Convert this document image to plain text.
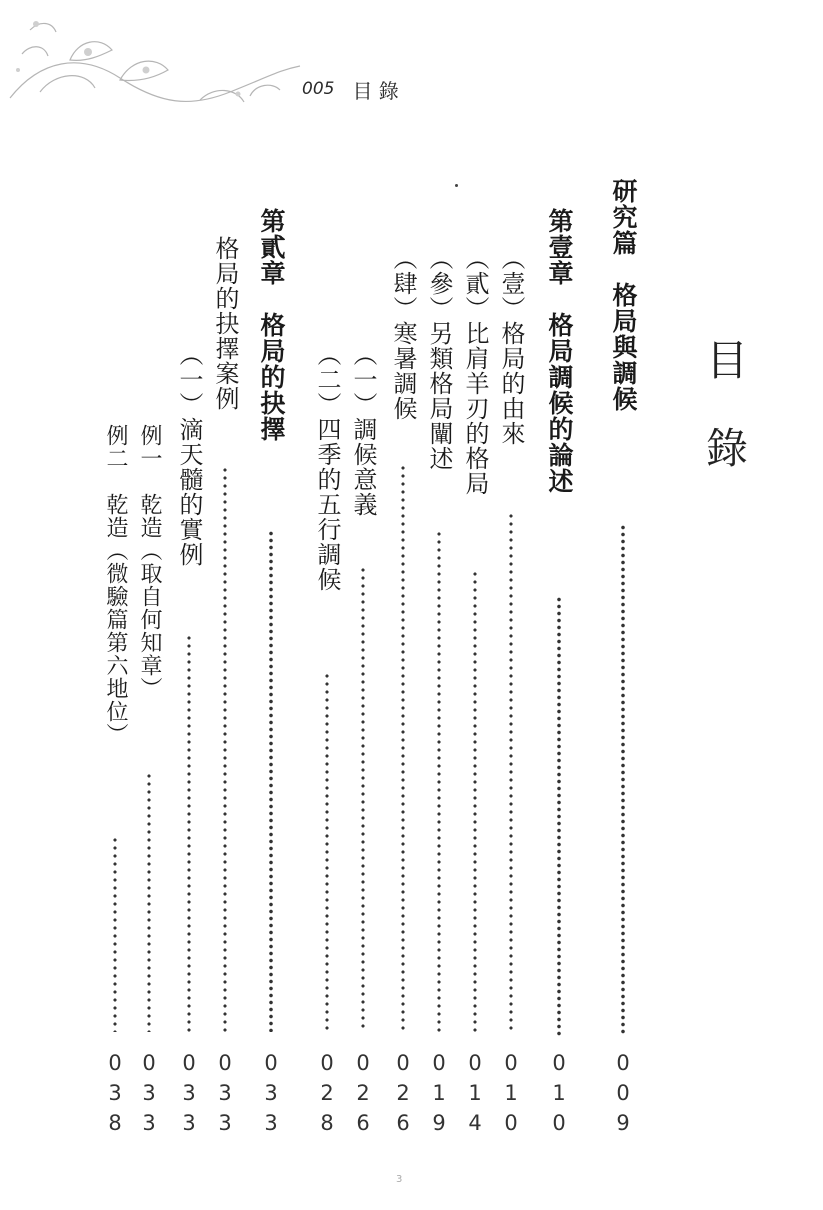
005 目 錄
目錄
研究篇　格局與調候
0
0
9
第壹章　格局調候的論述
0
1
0
（壹）格局的由來
0
1
0
（貳）比肩羊刃的格局
0
1
4
（參）另類格局闡述
0
1
9
（肆）寒暑調候
0
2
6
（一）調候意義
0
2
6
（二）四季的五行調候
0
2
8
第貳章　格局的抉擇
0
3
3
格局的抉擇案例
0
3
3
（一）滴天髓的實例
0
3
3
例一　乾造（取自何知章）
0
3
3
例二　乾造（微驗篇第六地位）
0
3
8
3
